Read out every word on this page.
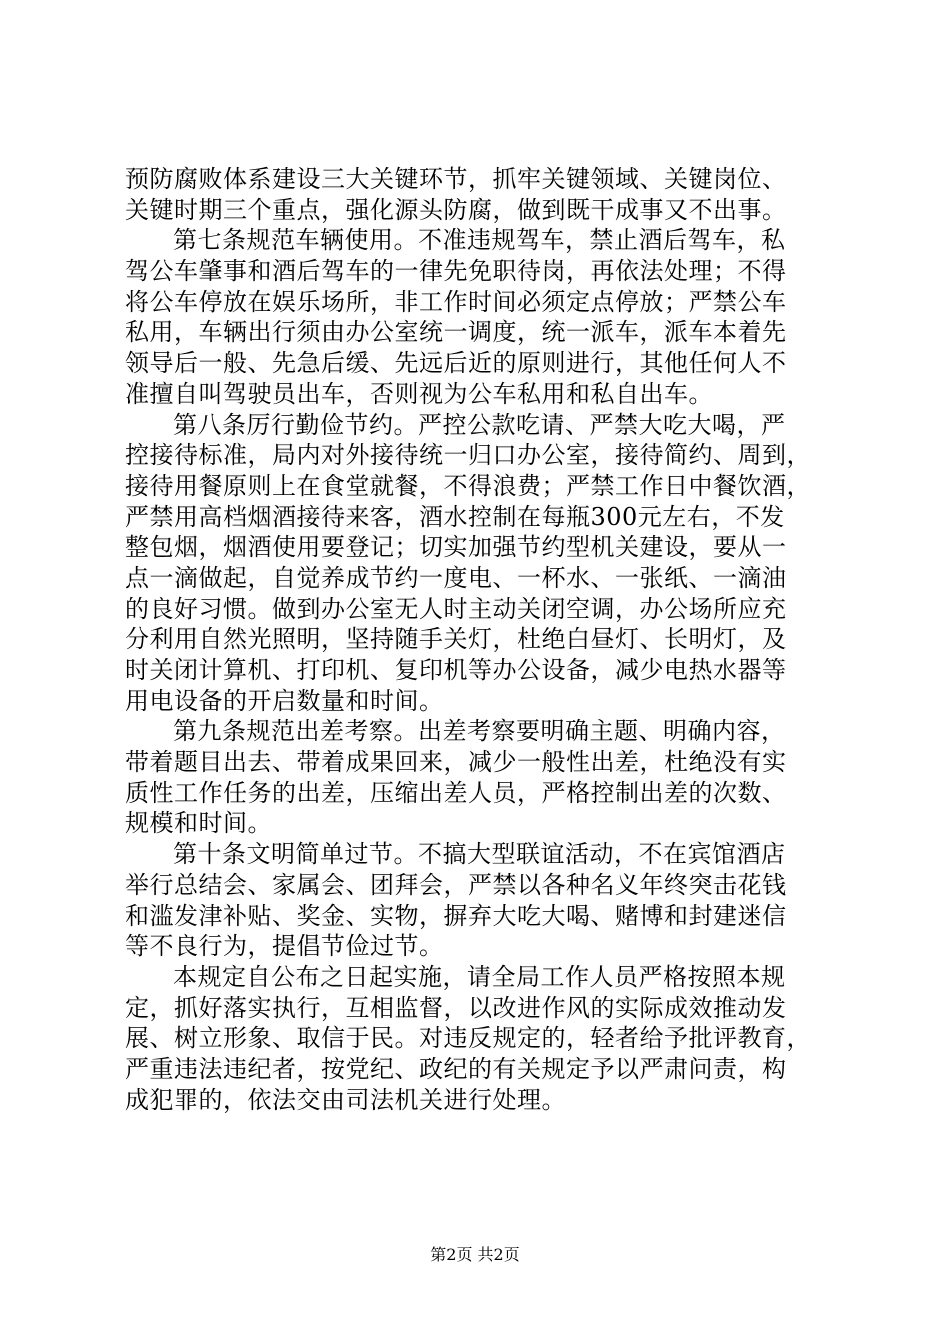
预防腐败体系建设三大关键环节，抓牢关键领域、关键岗位、
关键时期三个重点，强化源头防腐，做到既干成事又不出事。
第七条规范车辆使用。不准违规驾车，禁止酒后驾车，私
驾公车肇事和酒后驾车的一律先免职待岗，再依法处理；不得
将公车停放在娱乐场所，非工作时间必须定点停放；严禁公车
私用，车辆出行须由办公室统一调度，统一派车，派车本着先
领导后一般、先急后缓、先远后近的原则进行，其他任何人不
准擅自叫驾驶员出车，否则视为公车私用和私自出车。
第八条厉行勤俭节约。严控公款吃请、严禁大吃大喝，严
控接待标准，局内对外接待统一归口办公室，接待简约、周到，
接待用餐原则上在食堂就餐，不得浪费；严禁工作日中餐饮酒，
严禁用高档烟酒接待来客，酒水控制在每瓶300元左右，不发
整包烟，烟酒使用要登记；切实加强节约型机关建设，要从一
点一滴做起，自觉养成节约一度电、一杯水、一张纸、一滴油
的良好习惯。做到办公室无人时主动关闭空调，办公场所应充
分利用自然光照明，坚持随手关灯，杜绝白昼灯、长明灯，及
时关闭计算机、打印机、复印机等办公设备，减少电热水器等
用电设备的开启数量和时间。
第九条规范出差考察。出差考察要明确主题、明确内容，
带着题目出去、带着成果回来，减少一般性出差，杜绝没有实
质性工作任务的出差，压缩出差人员，严格控制出差的次数、
规模和时间。
第十条文明简单过节。不搞大型联谊活动，不在宾馆酒店
举行总结会、家属会、团拜会，严禁以各种名义年终突击花钱
和滥发津补贴、奖金、实物，摒弃大吃大喝、赌博和封建迷信
等不良行为，提倡节俭过节。
本规定自公布之日起实施，请全局工作人员严格按照本规
定，抓好落实执行，互相监督，以改进作风的实际成效推动发
展、树立形象、取信于民。对违反规定的，轻者给予批评教育，
严重违法违纪者，按党纪、政纪的有关规定予以严肃问责，构
成犯罪的，依法交由司法机关进行处理。
第2页 共2页
